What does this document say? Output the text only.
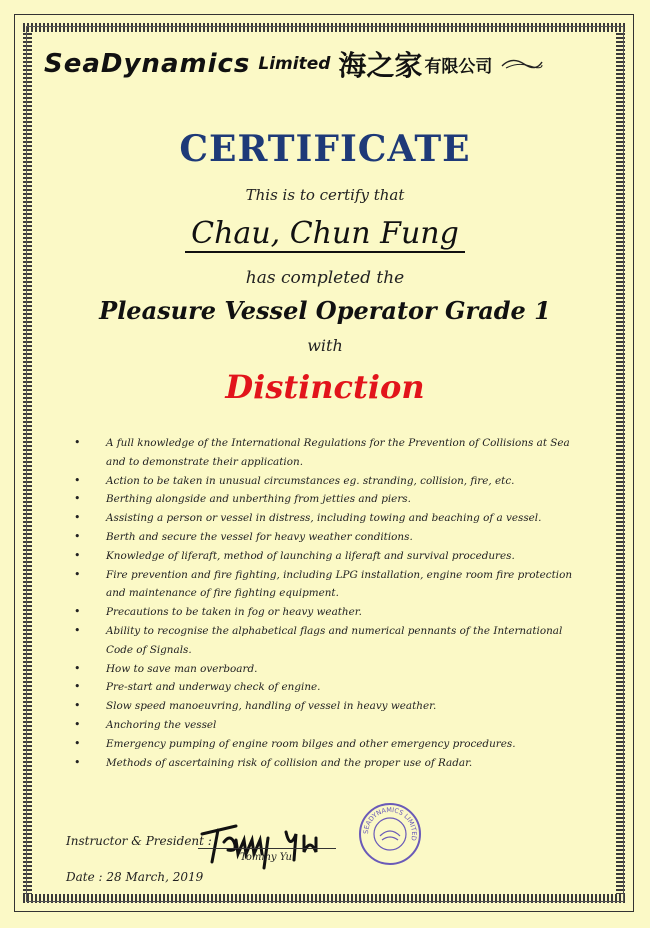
SeaDynamics Limited 海之家 有限公司
CERTIFICATE
This is to certify that
Chau, Chun Fung
has completed the
Pleasure Vessel Operator Grade 1
with
Distinction
• A full knowledge of the International Regulations for the Prevention of Collisions at Sea and to demonstrate their application.
• Action to be taken in unusual circumstances eg. stranding, collision, fire, etc.
• Berthing alongside and unberthing from jetties and piers.
• Assisting a person or vessel in distress, including towing and beaching of a vessel.
• Berth and secure the vessel for heavy weather conditions.
• Knowledge of liferaft, method of launching a liferaft and survival procedures.
• Fire prevention and fire fighting, including LPG installation, engine room fire protection and maintenance of fire fighting equipment.
• Precautions to be taken in fog or heavy weather.
• Ability to recognise the alphabetical flags and numerical pennants of the International Code of Signals.
• How to save man overboard.
• Pre-start and underway check of engine.
• Slow speed manoeuvring, handling of vessel in heavy weather.
• Anchoring the vessel
• Emergency pumping of engine room bilges and other emergency procedures.
• Methods of ascertaining risk of collision and the proper use of Radar.
Instructor & President :
Tommy Yu
Date : 28 March, 2019
SEADYNAMICS LIMITED
